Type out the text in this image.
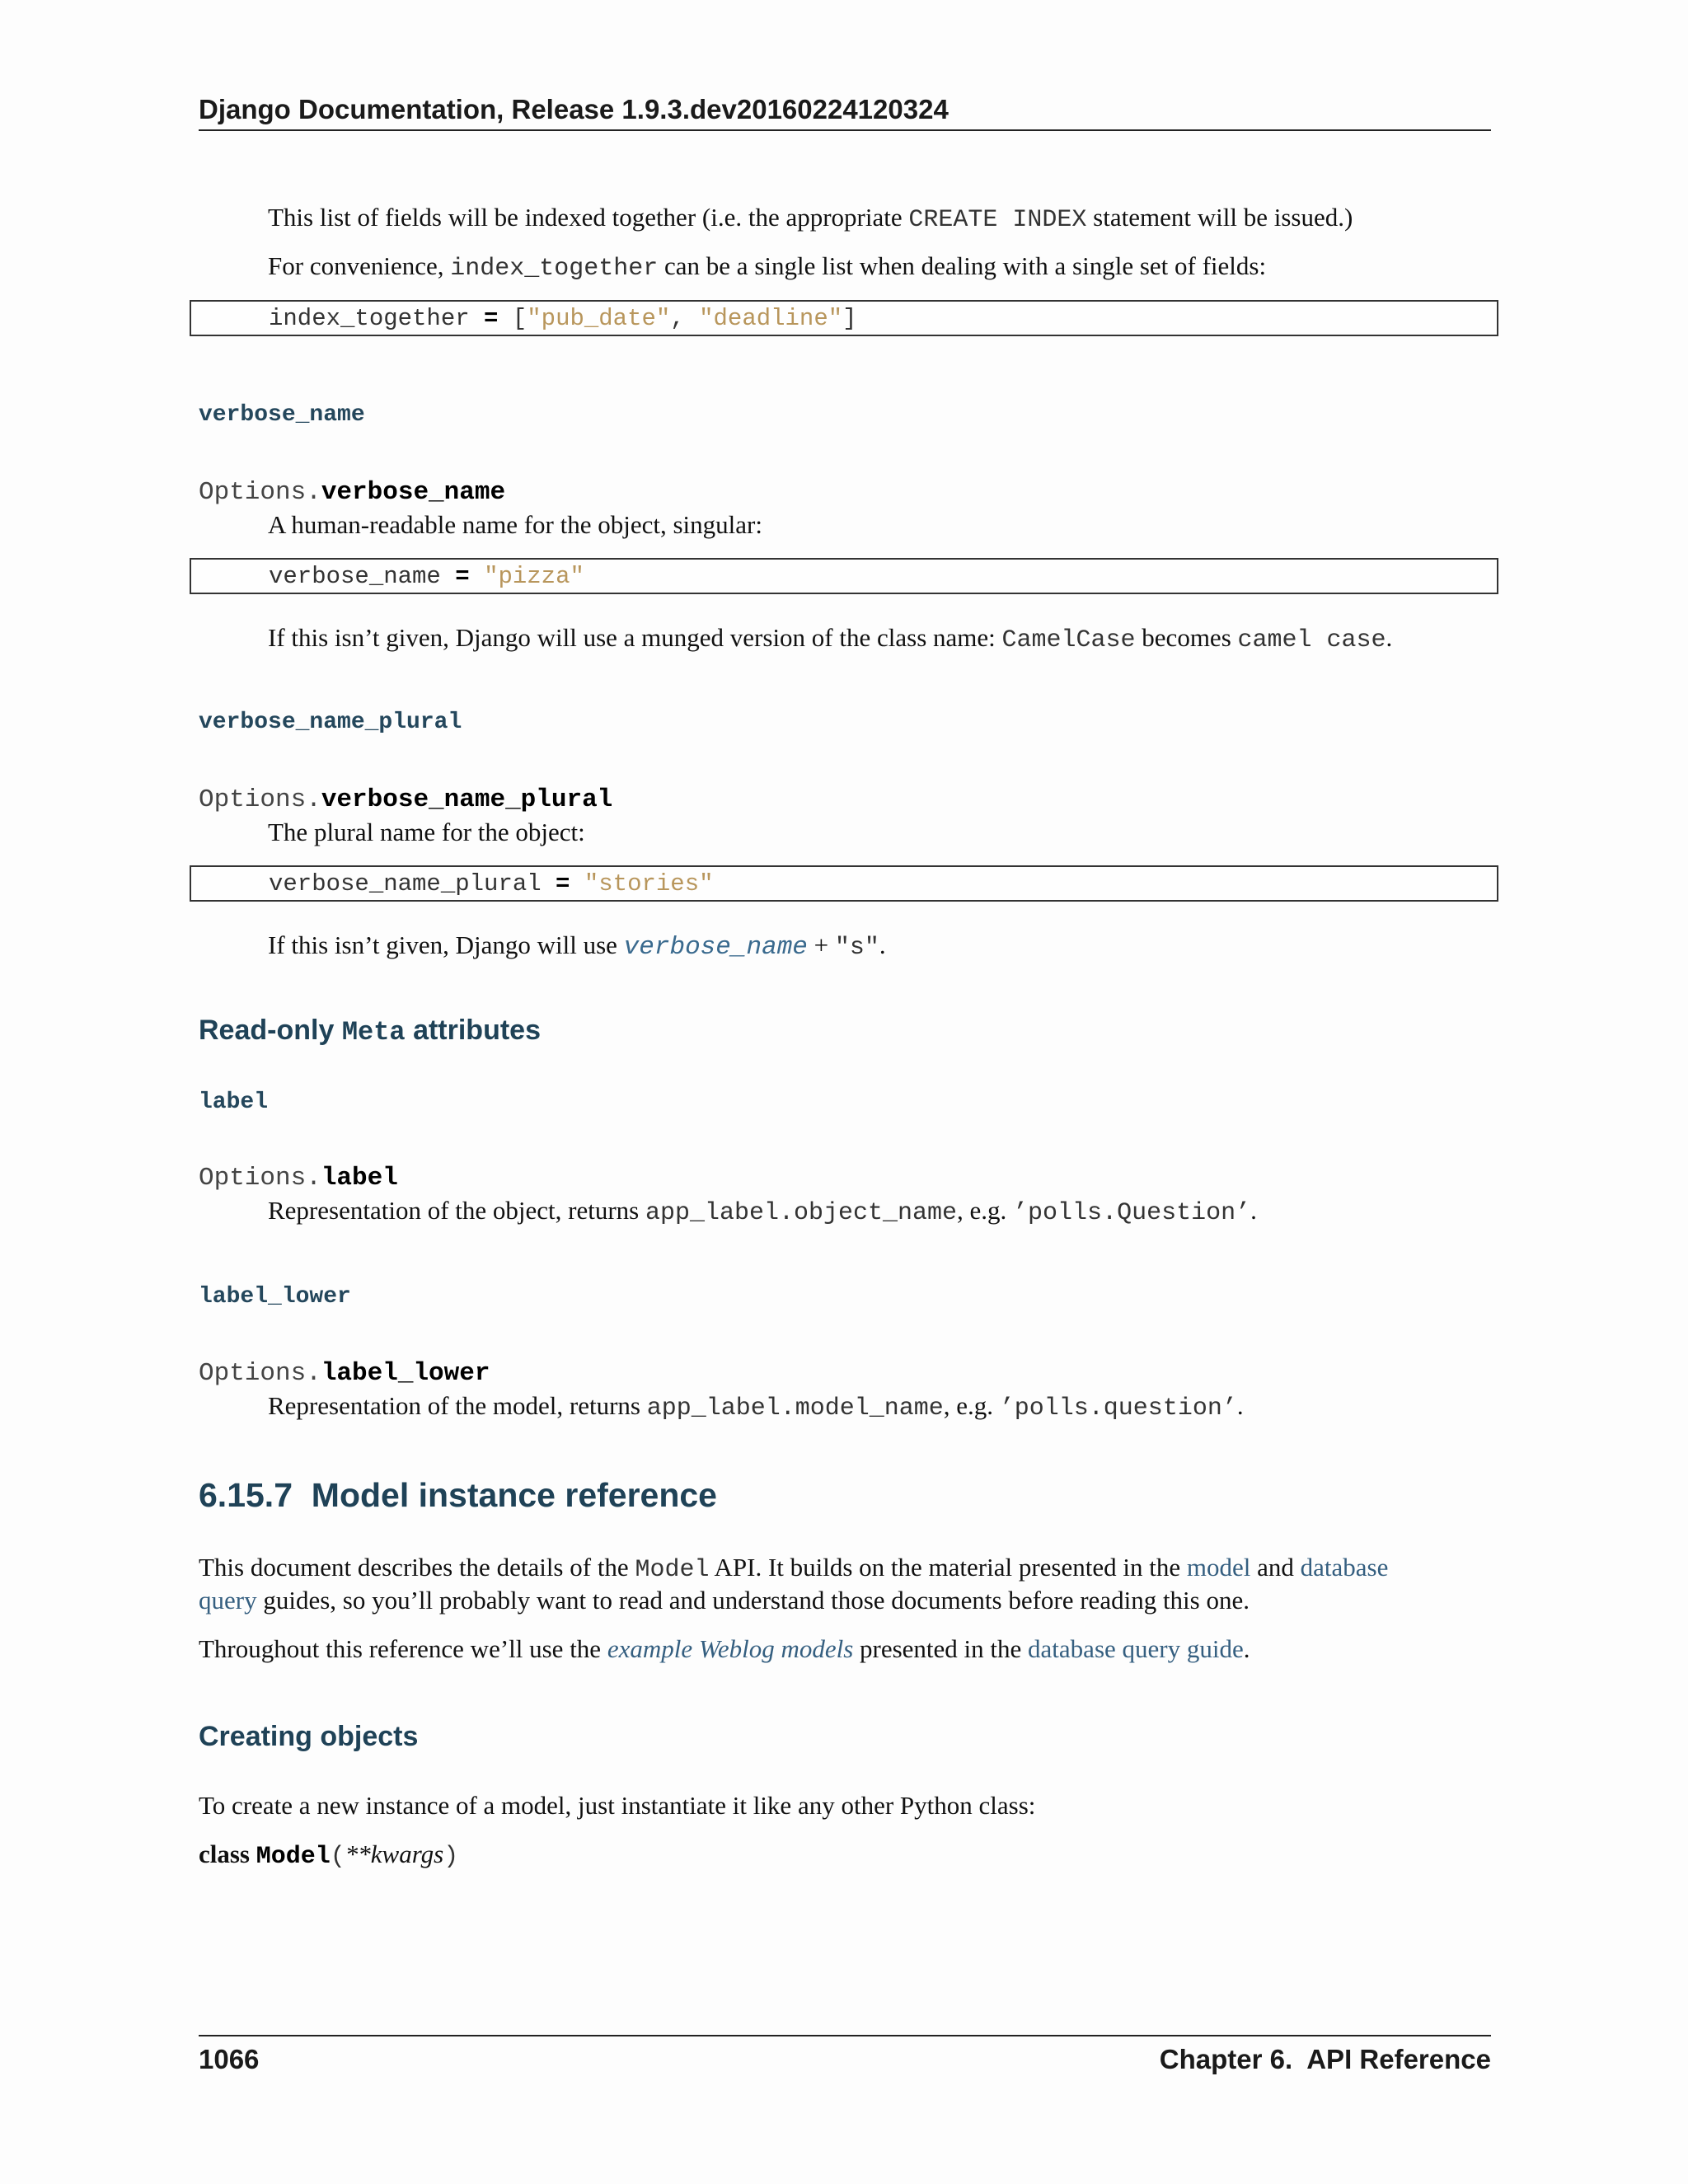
Django Documentation, Release 1.9.3.dev20160224120324
This list of fields will be indexed together (i.e. the appropriate CREATE INDEX statement will be issued.)
For convenience, index_together can be a single list when dealing with a single set of fields:
index_together = ["pub_date", "deadline"]
verbose_name
Options.verbose_name
A human-readable name for the object, singular:
verbose_name = "pizza"
If this isn’t given, Django will use a munged version of the class name: CamelCase becomes camel case.
verbose_name_plural
Options.verbose_name_plural
The plural name for the object:
verbose_name_plural = "stories"
If this isn’t given, Django will use verbose_name + "s".
Read-only Meta attributes
label
Options.label
Representation of the object, returns app_label.object_name, e.g. ’polls.Question’.
label_lower
Options.label_lower
Representation of the model, returns app_label.model_name, e.g. ’polls.question’.
6.15.7 Model instance reference
This document describes the details of the Model API. It builds on the material presented in the model and database
query guides, so you’ll probably want to read and understand those documents before reading this one.
Throughout this reference we’ll use the example Weblog models presented in the database query guide.
Creating objects
To create a new instance of a model, just instantiate it like any other Python class:
class Model(**kwargs)
1066	Chapter 6.  API Reference
